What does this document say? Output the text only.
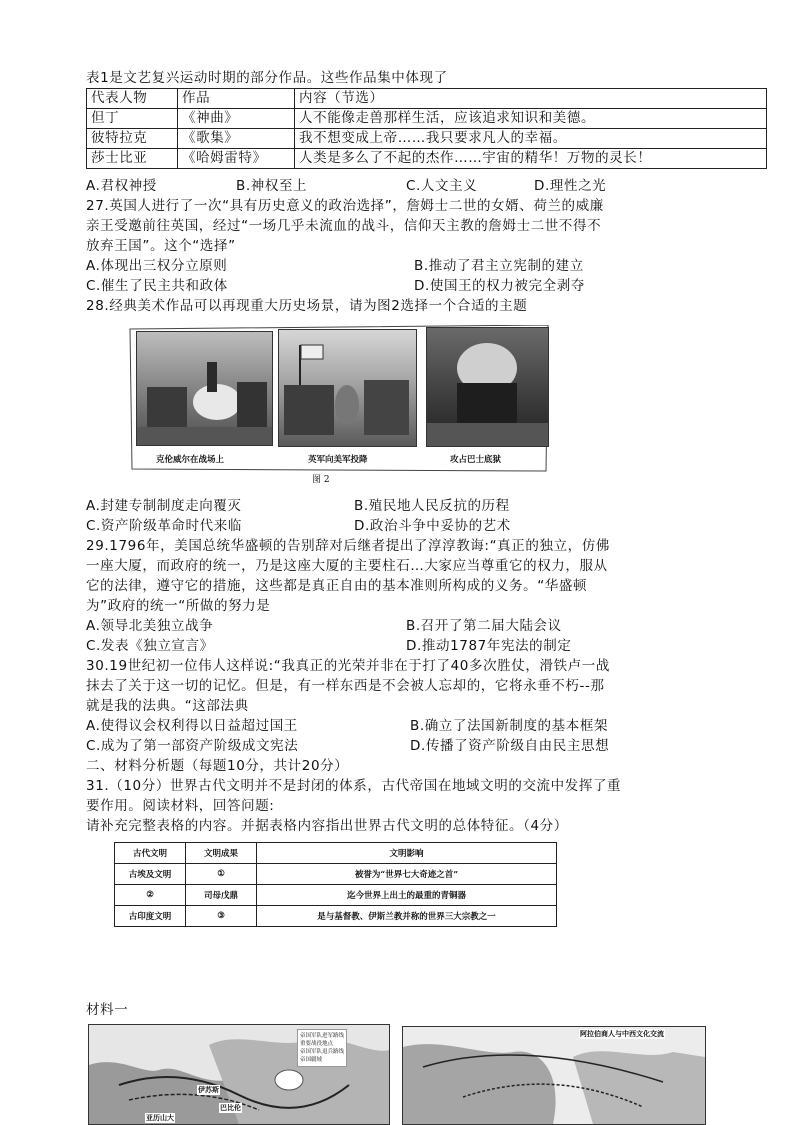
表1是文艺复兴运动时期的部分作品。这些作品集中体现了
代表人物	作品	内容（节选）
但丁	《神曲》	人不能像走兽那样生活，应该追求知识和美德。
彼特拉克	《歌集》	我不想变成上帝……我只要求凡人的幸福。
莎士比亚	《哈姆雷特》	人类是多么了不起的杰作……宇宙的精华！万物的灵长！
A.君权神授	B.神权至上	C.人文主义	D.理性之光
27.英国人进行了一次“具有历史意义的政治选择”，詹姆士二世的女婿、荷兰的威廉
亲王受邀前往英国，经过“一场几乎未流血的战斗，信仰天主教的詹姆士二世不得不
放弃王国”。这个“选择”
A.体现出三权分立原则	B.推动了君主立宪制的建立
C.催生了民主共和政体	D.使国王的权力被完全剥夺
28.经典美术作品可以再现重大历史场景，请为图2选择一个合适的主题
克伦威尔在战场上	英军向美军投降	攻占巴士底狱
图 2
A.封建专制制度走向覆灭	B.殖民地人民反抗的历程
C.资产阶级革命时代来临	D.政治斗争中妥协的艺术
29.1796年，美国总统华盛顿的告别辞对后继者提出了淳淳教诲:“真正的独立，仿佛
一座大厦，而政府的统一，乃是这座大厦的主要柱石…大家应当尊重它的权力，服从
它的法律，遵守它的措施，这些都是真正自由的基本准则所构成的义务。“华盛顿
为”政府的统一“所做的努力是
A.领导北美独立战争	B.召开了第二届大陆会议
C.发表《独立宣言》	D.推动1787年宪法的制定
30.19世纪初一位伟人这样说:“我真正的光荣并非在于打了40多次胜仗，滑铁卢一战
抹去了关于这一切的记忆。但是，有一样东西是不会被人忘却的，它将永垂不朽--那
就是我的法典。“这部法典
A.使得议会权利得以日益超过国王	B.确立了法国新制度的基本框架
C.成为了第一部资产阶级成文宪法	D.传播了资产阶级自由民主思想
二、材料分析题（每题10分，共计20分）
31.（10分）世界古代文明并不是封闭的体系，古代帝国在地域文明的交流中发挥了重
要作用。阅读材料，回答问题:
请补充完整表格的内容。并据表格内容指出世界古代文明的总体特征。（4分）
古代文明	文明成果	文明影响
古埃及文明	①	被誉为“世界七大奇迹之首”
②	司母戊鼎	迄今世界上出土的最重的青铜器
古印度文明	③	是与基督教、伊斯兰教并称的世界三大宗教之一
材料一
帝国军队进军路线
重要战役地点
帝国军队退兵路线
帝国疆域
伊苏斯
巴比伦
亚历山大
阿拉伯商人与中西文化交流
